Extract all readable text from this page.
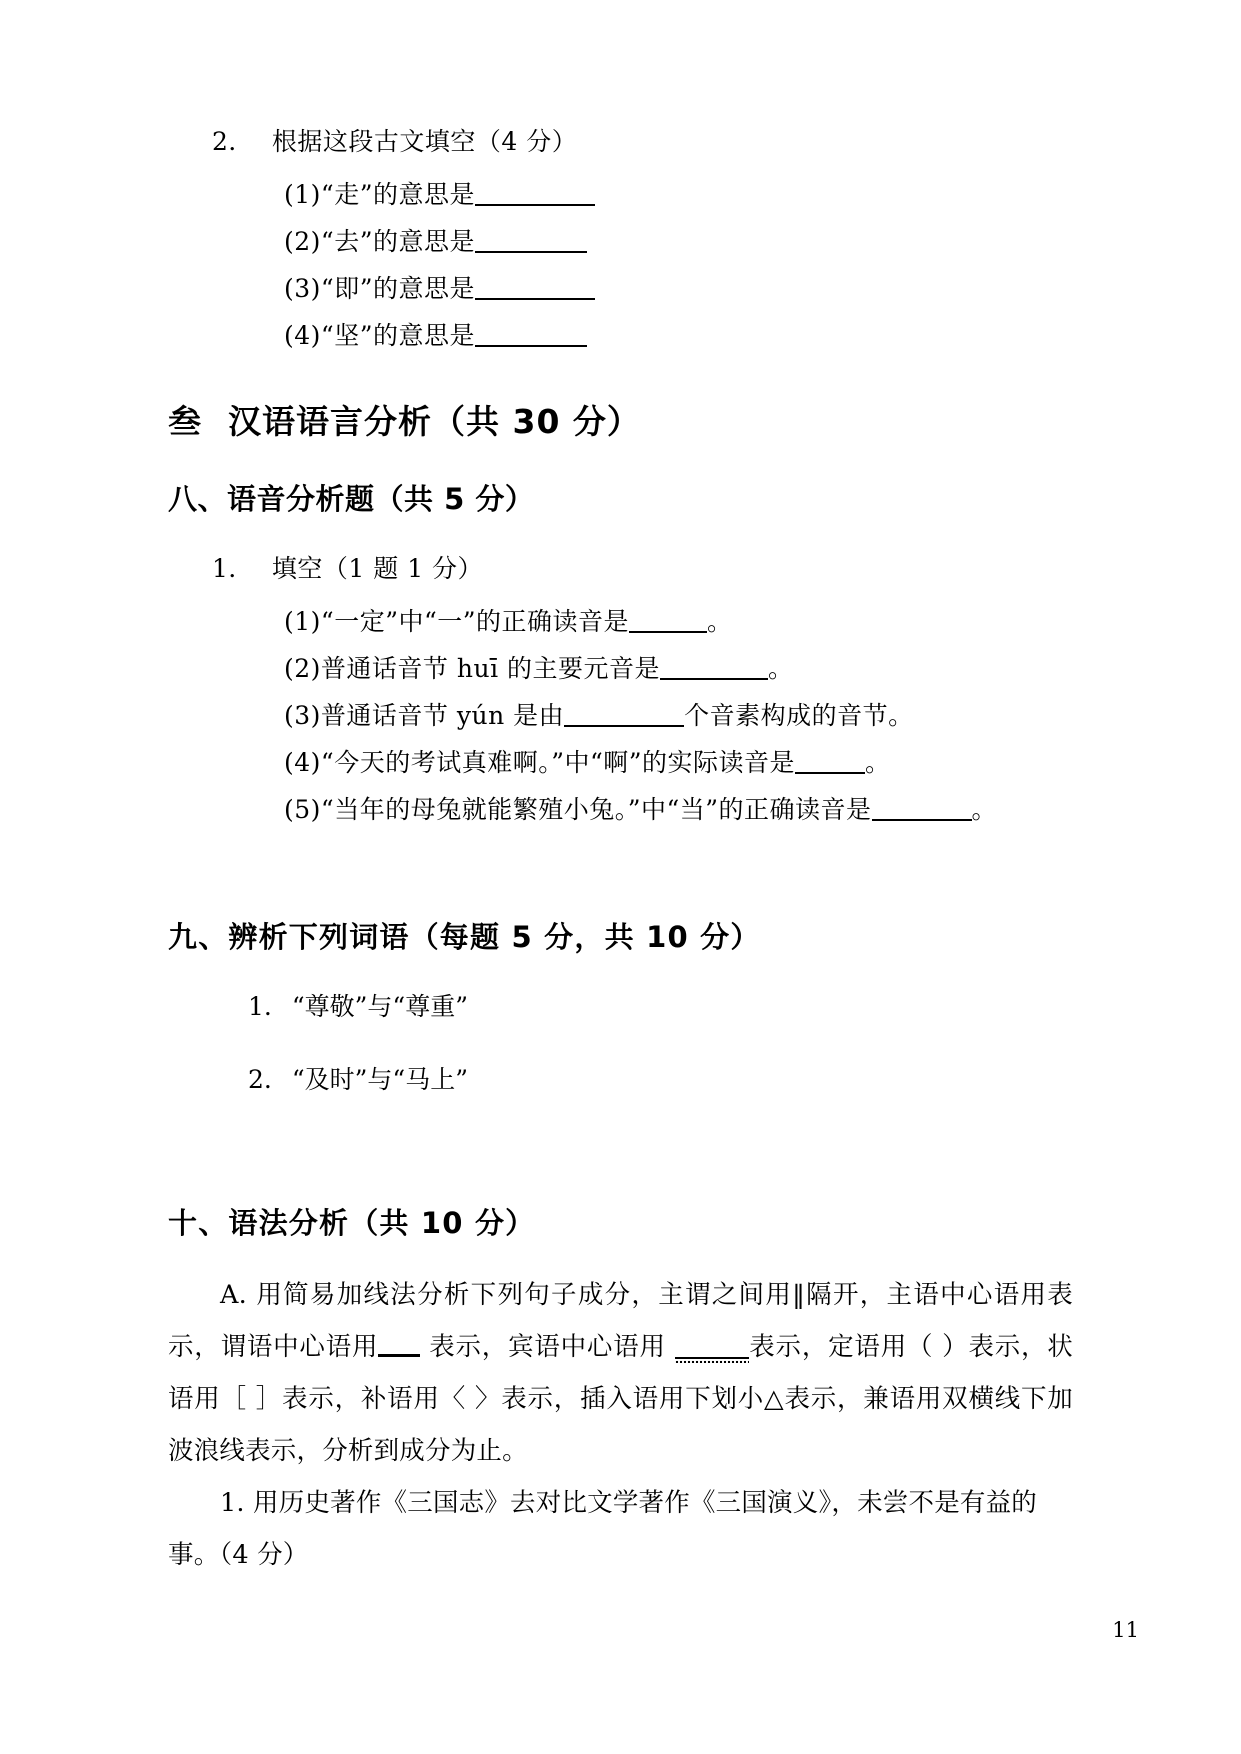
2． 根据这段古文填空（4 分）
(1)“走”的意思是
(2)“去”的意思是
(3)“即”的意思是
(4)“坚”的意思是
叁 汉语语言分析（共 30 分）
八、语音分析题（共 5 分）
1． 填空（1 题 1 分）
(1)“一定”中“一”的正确读音是	。
(2)普通话音节 huī 的主要元音是	。
(3)普通话音节 yún 是由	个音素构成的音节。
(4)“今天的考试真难啊。”中“啊”的实际读音是	。
(5)“当年的母兔就能繁殖小兔。”中“当”的正确读音是	。
九、辨析下列词语（每题 5 分，共 10 分）
1. “尊敬”与“尊重”
2. “及时”与“马上”
十、语法分析（共 10 分）
A. 用简易加线法分析下列句子成分，主谓之间用‖隔开，主语中心语用表示，谓语中心语用 表示，宾语中心语用	表示，定语用（ ）表示，状语用［ ］表示，补语用〈 〉表示，插入语用下划小△表示，兼语用双横线下加波浪线表示，分析到成分为止。
1. 用历史著作《三国志》去对比文学著作《三国演义》，未尝不是有益的事。（4 分）
11
